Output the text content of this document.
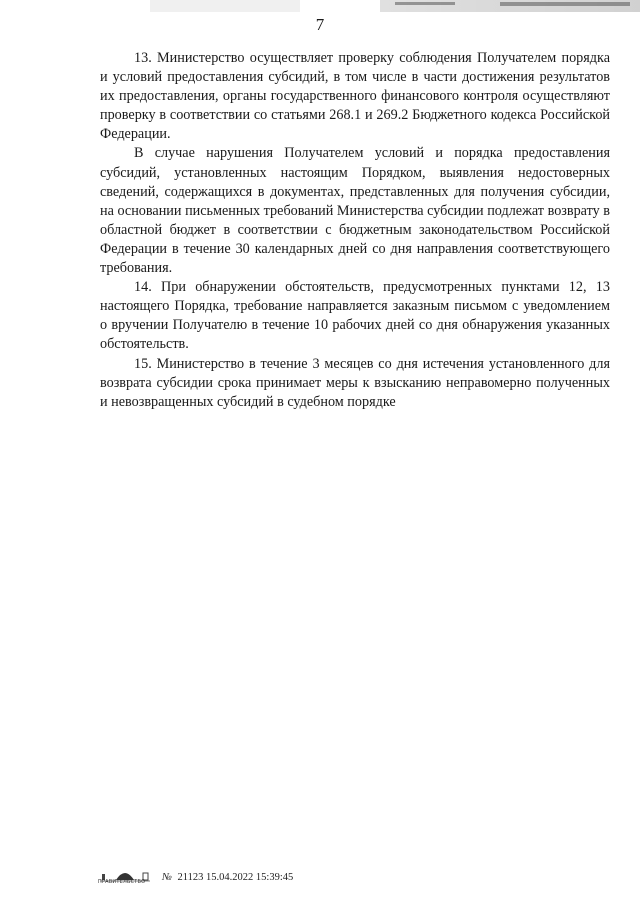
7

13. Министерство осуществляет проверку соблюдения Получателем порядка и условий предоставления субсидий, в том числе в части достижения результатов их предоставления, органы государственного финансового контроля осуществляют проверку в соответствии со статьями 268.1 и 269.2 Бюджетного кодекса Российской Федерации.

В случае нарушения Получателем условий и порядка предоставления субсидий, установленных настоящим Порядком, выявления недостоверных сведений, содержащихся в документах, представленных для получения субсидии, на основании письменных требований Министерства субсидии подлежат возврату в областной бюджет в соответствии с бюджетным законодательством Российской Федерации в течение 30 календарных дней со дня направления соответствующего требования.

14. При обнаружении обстоятельств, предусмотренных пунктами 12, 13 настоящего Порядка, требование направляется заказным письмом с уведомлением о вручении Получателю в течение 10 рабочих дней со дня обнаружения указанных обстоятельств.

15. Министерство в течение 3 месяцев со дня истечения установленного для возврата субсидии срока принимает меры к взысканию неправомерно полученных и невозвращенных субсидий в судебном порядке

ПРАВИТЕЛЬСТВО	№ 21123 15.04.2022 15:39:45
